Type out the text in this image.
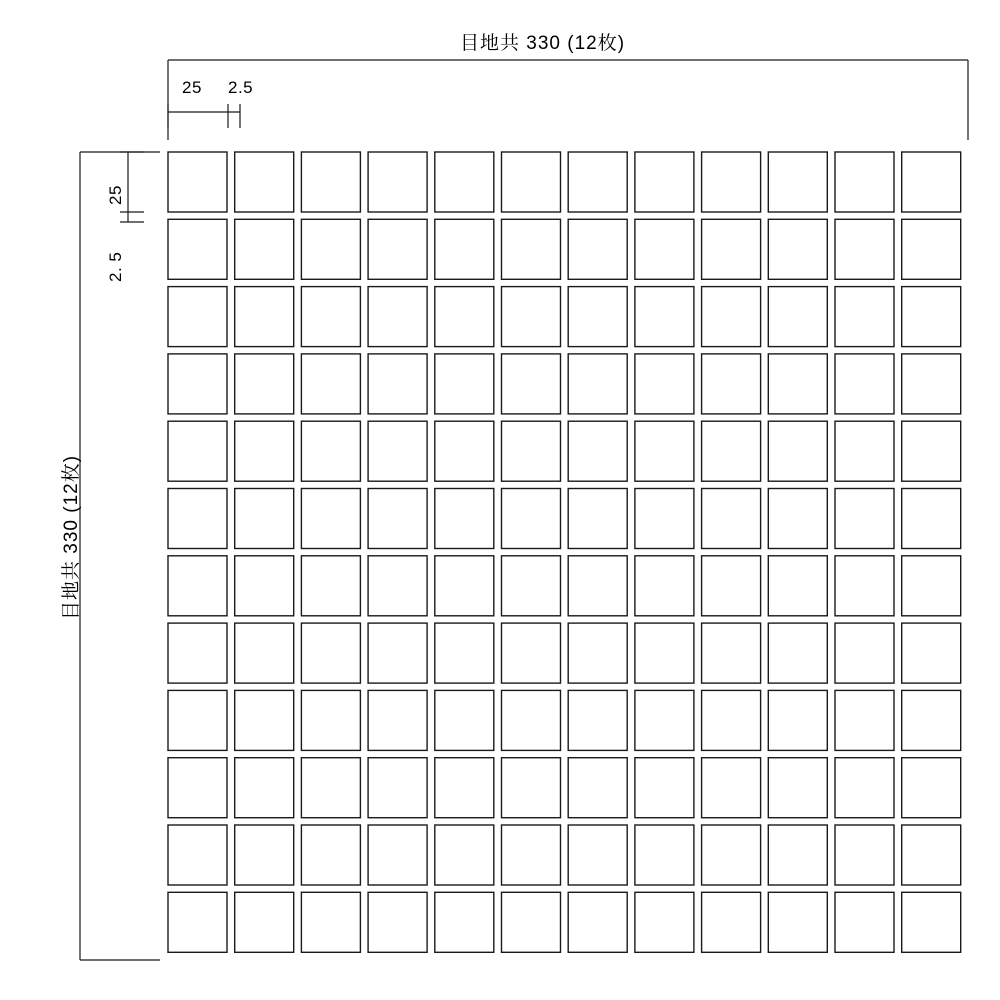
目地共 330 (12枚)
25 2.5
目地共 330 (12枚)
25
2. 5
